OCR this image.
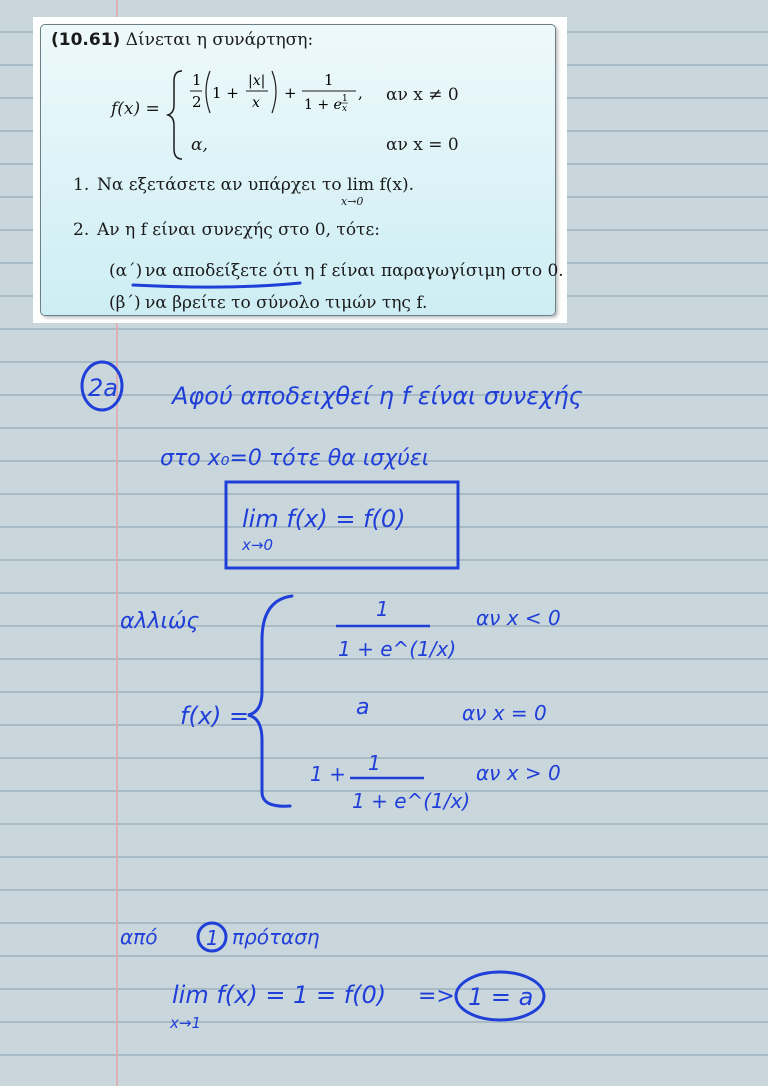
(10.61) Δίνεται η συνάρτηση:
f(x) =
1
2 1 +
|x|
x
+
1
1 + e 1
x
, αν x ≠ 0
α,	αν x = 0
1. Να εξετάσετε αν υπάρχει το lim f(x).
x→0
2. Αν η f είναι συνεχής στο 0, τότε:
(α΄) να αποδείξετε ότι η f είναι παραγωγίσιμη στο 0.
(β΄) να βρείτε το σύνολο τιμών της f.
2a Αφού αποδειχθεί η f είναι συνεχής
στο x₀=0 τότε θα ισχύει
lim f(x) = f(0)
x→0
αλλιώς
f(x) =
1
1 + e^(1/x)
αν x < 0
a	αν x = 0
1 + 1
1 + e^(1/x)
αν x > 0
από 1 πρόταση
lim f(x) = 1 = f(0)
x→1
=> 1 = a
